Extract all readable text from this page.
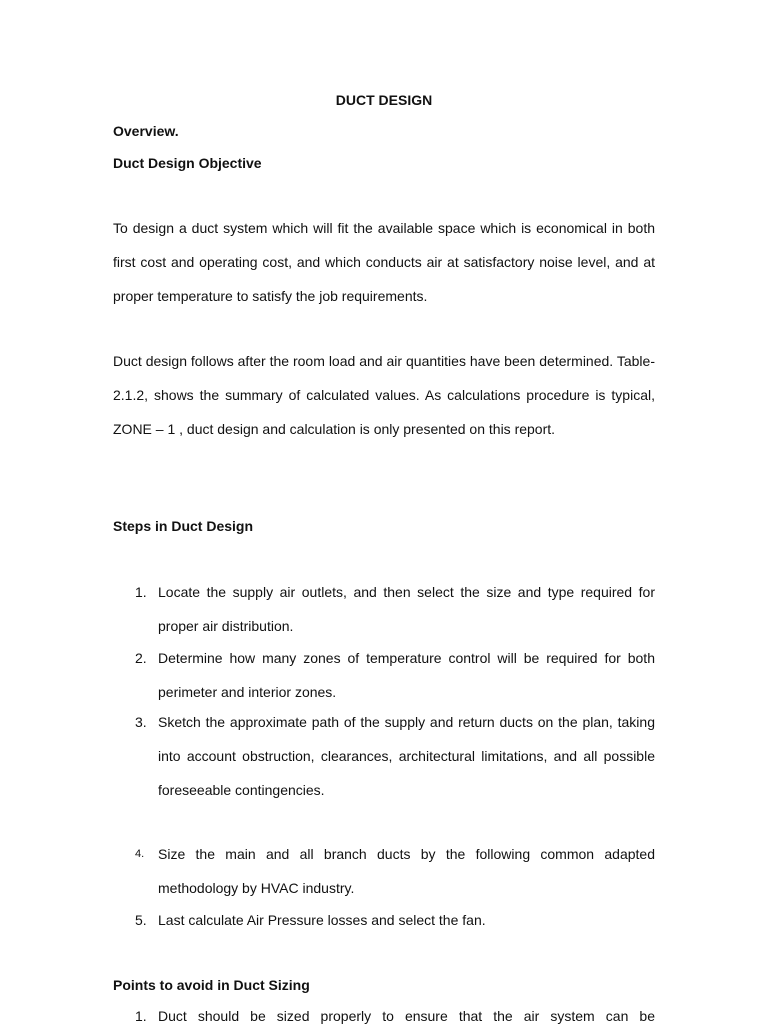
DUCT DESIGN

Overview.

Duct Design Objective

To design a duct system which will fit the available space which is economical in both first cost and operating cost, and which conducts air at satisfactory noise level, and at proper temperature to satisfy the job requirements.

Duct design follows after the room load and air quantities have been determined. Table-2.1.2, shows the summary of calculated values. As calculations procedure is typical, ZONE – 1 , duct design and calculation is only presented on this report.

Steps in Duct Design

1. Locate the supply air outlets, and then select the size and type required for proper air distribution.

2. Determine how many zones of temperature control will be required for both perimeter and interior zones.

3. Sketch the approximate path of the supply and return ducts on the plan, taking into account obstruction, clearances, architectural limitations, and all possible foreseeable contingencies.

4. Size the main and all branch ducts by the following common adapted methodology by HVAC industry.

5. Last calculate Air Pressure losses and select the fan.

Points to avoid in Duct Sizing

1. Duct should be sized properly to ensure that the air system can be
